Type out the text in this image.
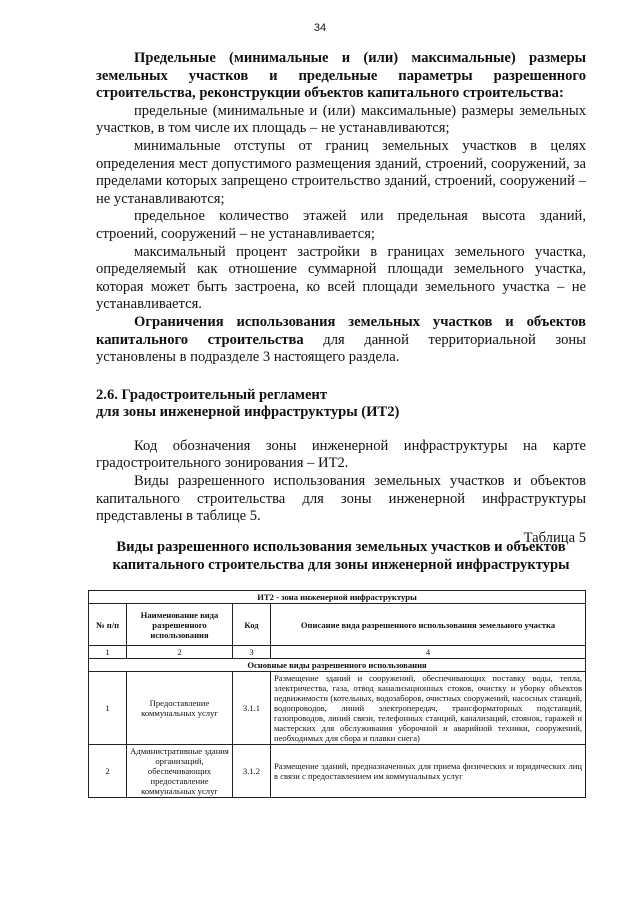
34

Предельные (минимальные и (или) максимальные) размеры земельных участков и предельные параметры разрешенного строительства, реконструкции объектов капитального строительства:

предельные (минимальные и (или) максимальные) размеры земельных участков, в том числе их площадь – не устанавливаются;

минимальные отступы от границ земельных участков в целях определения мест допустимого размещения зданий, строений, сооружений, за пределами которых запрещено строительство зданий, строений, сооружений – не устанавливаются;

предельное количество этажей или предельная высота зданий, строений, сооружений – не устанавливается;

максимальный процент застройки в границах земельного участка, определяемый как отношение суммарной площади земельного участка, которая может быть застроена, ко всей площади земельного участка – не устанавливается.

Ограничения использования земельных участков и объектов капитального строительства для данной территориальной зоны установлены в подразделе 3 настоящего раздела.

2.6. Градостроительный регламент
для зоны инженерной инфраструктуры (ИТ2)

Код обозначения зоны инженерной инфраструктуры на карте градостроительного зонирования – ИТ2.

Виды разрешенного использования земельных участков и объектов капитального строительства для зоны инженерной инфраструктуры представлены в таблице 5.

Таблица 5

Виды разрешенного использования земельных участков и объектов
капитального строительства для зоны инженерной инфраструктуры
ИТ2 - зона инженерной инфраструктуры			
№ п/п	Наименование вида разрешенного использования	Код	Описание вида разрешенного использования земельного участка
1	2	3	4
Основные виды разрешенного использования			
1	Предоставление коммунальных услуг	3.1.1	Размещение зданий и сооружений, обеспечивающих поставку воды, тепла, электричества, газа, отвод канализационных стоков, очистку и уборку объектов недвижимости (котельных, водозаборов, очистных сооружений, насосных станций, водопроводов, линий электропередач, трансформаторных подстанций, газопроводов, линий связи, телефонных станций, канализаций, стоянок, гаражей и мастерских для обслуживания уборочной и аварийной техники, сооружений, необходимых для сбора и плавки снега)
2	Административные здания организаций, обеспечивающих предоставление коммунальных услуг	3.1.2	Размещение зданий, предназначенных для приема физических и юридических лиц в связи с предоставлением им коммунальных услуг
